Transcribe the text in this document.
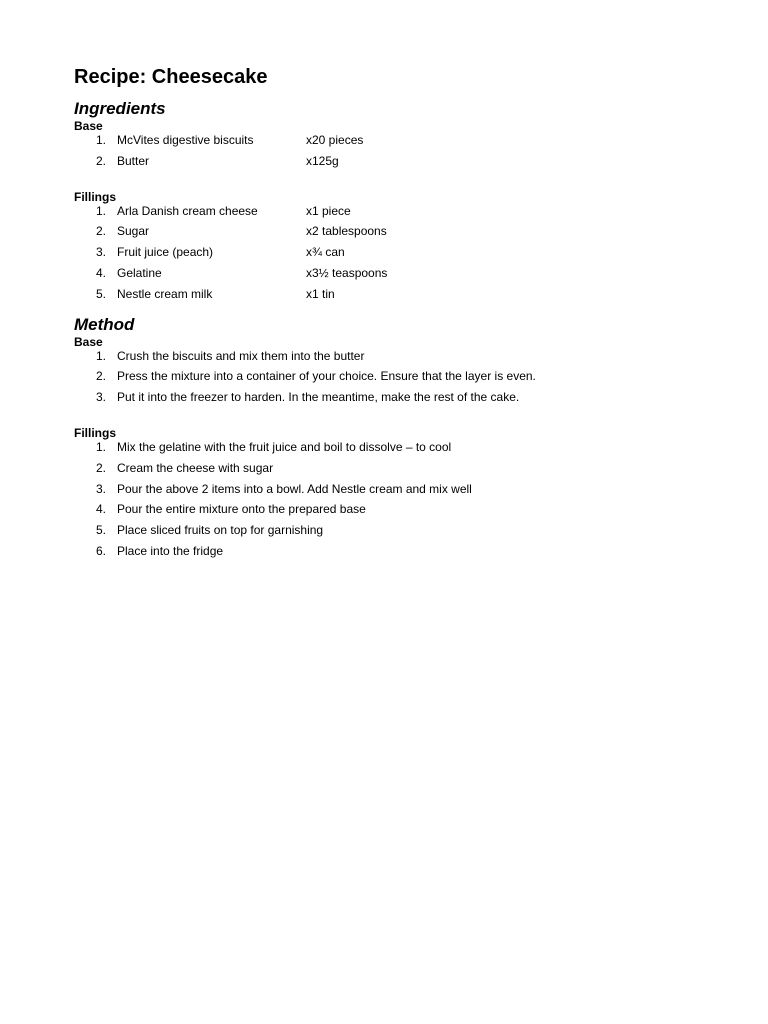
Recipe: Cheesecake
Ingredients
Base
1. McVites digestive biscuits	x20 pieces
2. Butter	x125g
Fillings
1. Arla Danish cream cheese	x1 piece
2. Sugar	x2 tablespoons
3. Fruit juice (peach)	x¾ can
4. Gelatine	x3½ teaspoons
5. Nestle cream milk	x1 tin
Method
Base
1. Crush the biscuits and mix them into the butter
2. Press the mixture into a container of your choice. Ensure that the layer is even.
3. Put it into the freezer to harden. In the meantime, make the rest of the cake.
Fillings
1. Mix the gelatine with the fruit juice and boil to dissolve – to cool
2. Cream the cheese with sugar
3. Pour the above 2 items into a bowl. Add Nestle cream and mix well
4. Pour the entire mixture onto the prepared base
5. Place sliced fruits on top for garnishing
6. Place into the fridge
